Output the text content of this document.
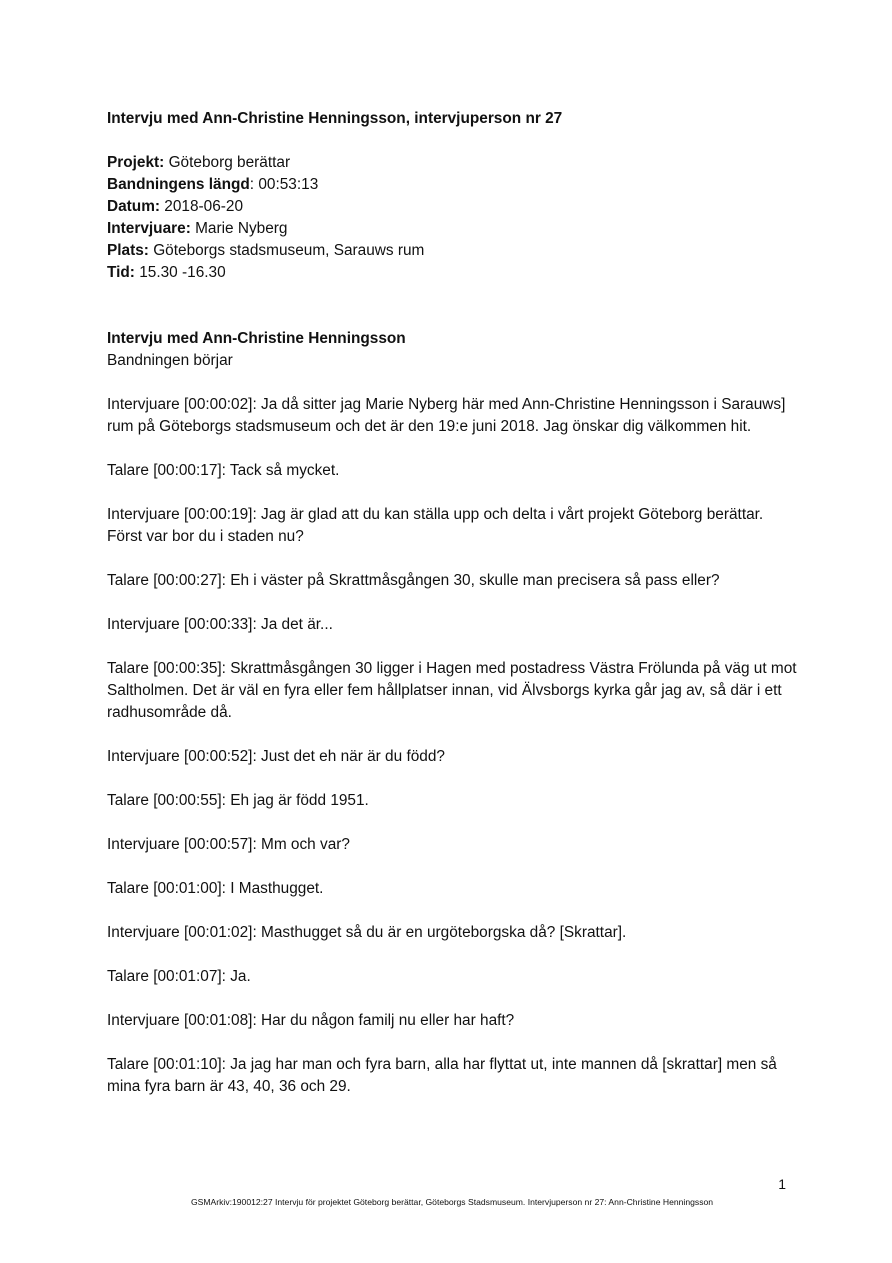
Intervju med Ann-Christine Henningsson, intervjuperson nr 27

Projekt: Göteborg berättar

Bandningens längd: 00:53:13

Datum: 2018-06-20

Intervjuare: Marie Nyberg

Plats: Göteborgs stadsmuseum, Sarauws rum

Tid: 15.30 -16.30

Intervju med Ann-Christine Henningsson

Bandningen börjar

Intervjuare [00:00:02]: Ja då sitter jag Marie Nyberg här med Ann-Christine Henningsson i Sarauws] rum på Göteborgs stadsmuseum och det är den 19:e juni 2018. Jag önskar dig välkommen hit.

Talare [00:00:17]: Tack så mycket.

Intervjuare [00:00:19]: Jag är glad att du kan ställa upp och delta i vårt projekt Göteborg berättar. Först var bor du i staden nu?

Talare [00:00:27]: Eh i väster på Skrattmåsgången 30, skulle man precisera så pass eller?

Intervjuare [00:00:33]: Ja det är...

Talare [00:00:35]: Skrattmåsgången 30 ligger i Hagen med postadress Västra Frölunda på väg ut mot Saltholmen. Det är väl en fyra eller fem hållplatser innan, vid Älvsborgs kyrka går jag av, så där i ett radhusområde då.

Intervjuare [00:00:52]: Just det eh när är du född?

Talare [00:00:55]: Eh jag är född 1951.

Intervjuare [00:00:57]: Mm och var?

Talare [00:01:00]: I Masthugget.

Intervjuare [00:01:02]: Masthugget så du är en urgöteborgska då? [Skrattar].

Talare [00:01:07]: Ja.

Intervjuare [00:01:08]: Har du någon familj nu eller har haft?

Talare [00:01:10]: Ja jag har man och fyra barn, alla har flyttat ut, inte mannen då [skrattar] men så mina fyra barn är 43, 40, 36 och 29.

1
GSMArkiv:190012:27 Intervju för projektet Göteborg berättar, Göteborgs Stadsmuseum. Intervjuperson nr 27: Ann-Christine Henningsson
